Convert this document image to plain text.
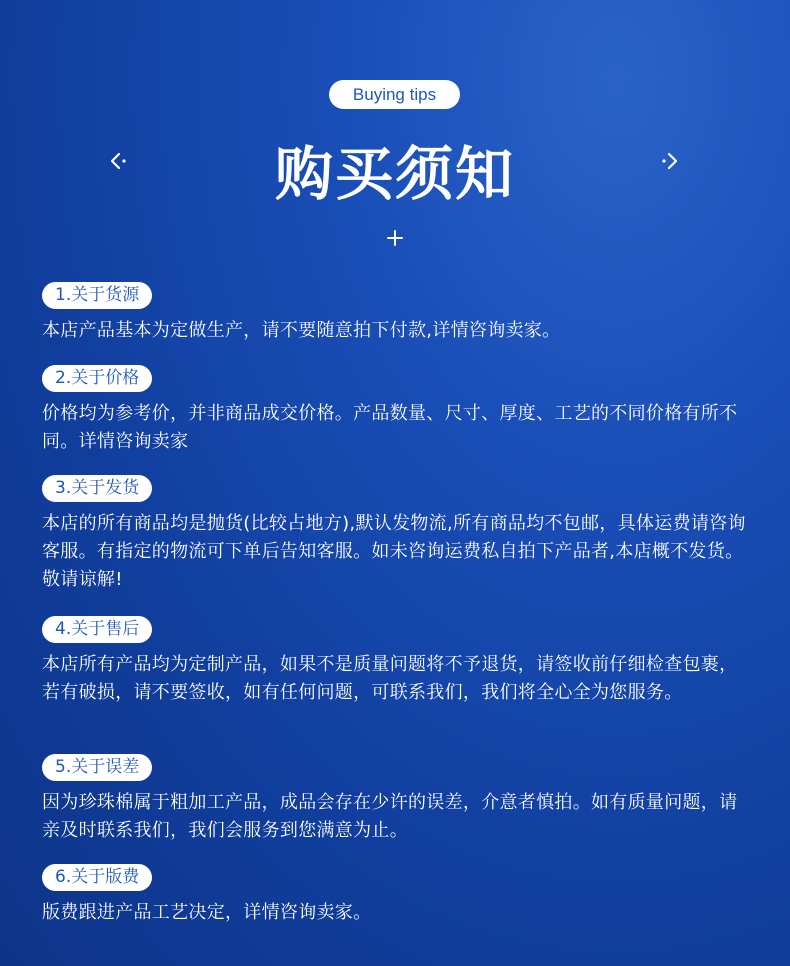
Buying tips
购买须知
1.关于货源
本店产品基本为定做生产，请不要随意拍下付款,详情咨询卖家。
2.关于价格
价格均为参考价，并非商品成交价格。产品数量、尺寸、厚度、工艺的不同价格有所不同。详情咨询卖家
3.关于发货
本店的所有商品均是抛货(比较占地方),默认发物流,所有商品均不包邮，具体运费请咨询客服。有指定的物流可下单后告知客服。如未咨询运费私自拍下产品者,本店概不发货。敬请谅解!
4.关于售后
本店所有产品均为定制产品，如果不是质量问题将不予退货，请签收前仔细检查包裹，若有破损，请不要签收，如有任何问题，可联系我们，我们将全心全为您服务。
5.关于误差
因为珍珠棉属于粗加工产品，成品会存在少许的误差，介意者慎拍。如有质量问题，请亲及时联系我们，我们会服务到您满意为止。
6.关于版费
版费跟进产品工艺决定，详情咨询卖家。
